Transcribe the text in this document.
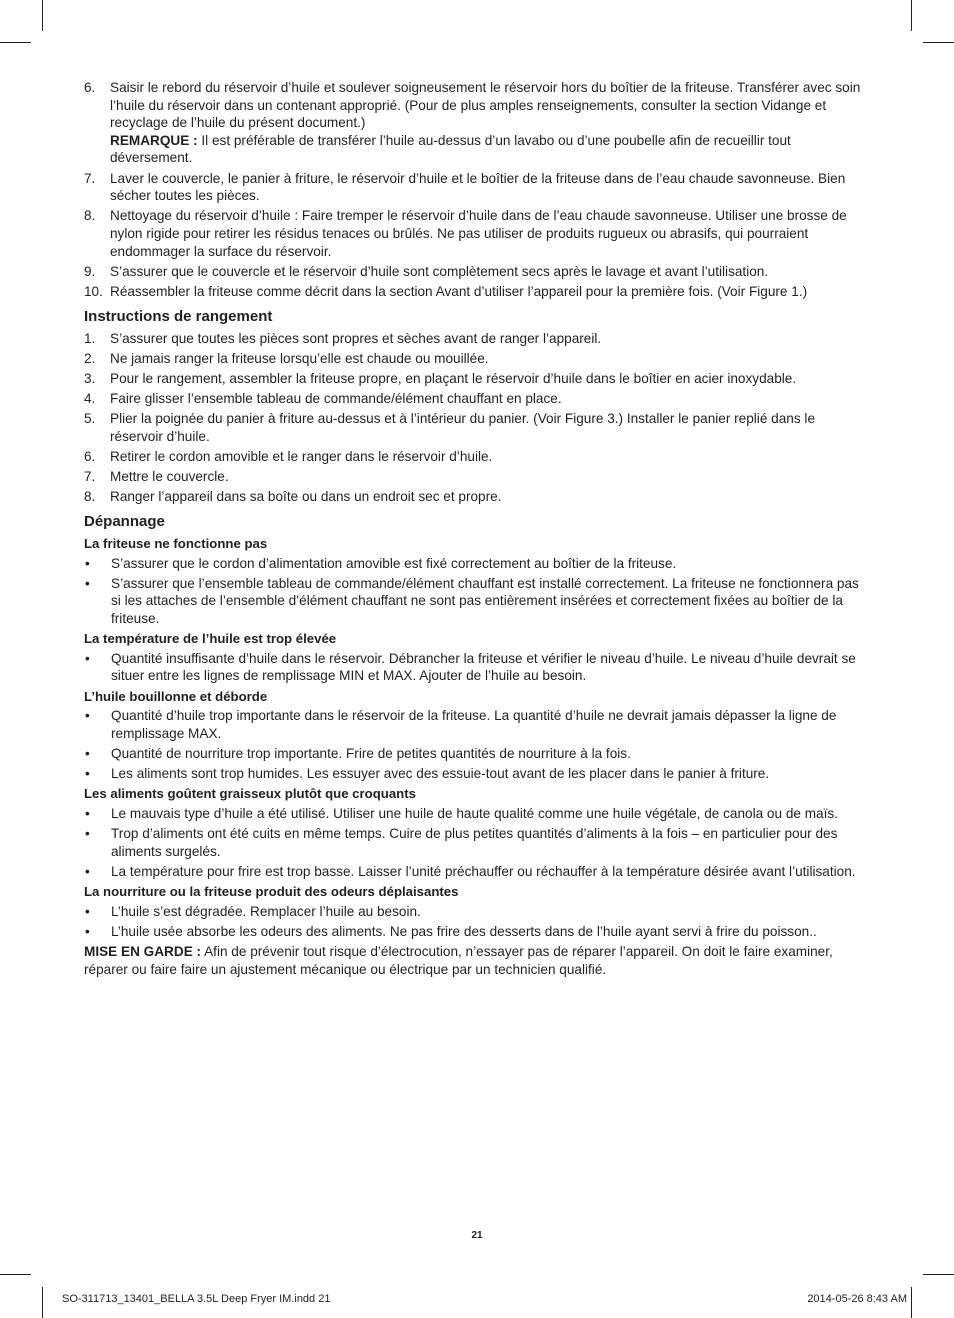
6.	Saisir le rebord du réservoir d’huile et soulever soigneusement le réservoir hors du boîtier de la friteuse. Transférer avec soin l’huile du réservoir dans un contenant approprié. (Pour de plus amples renseignements, consulter la section Vidange et recyclage de l’huile du présent document.)
REMARQUE : Il est préférable de transférer l’huile au-dessus d’un lavabo ou d’une poubelle afin de recueillir tout déversement.
7.	Laver le couvercle, le panier à friture, le réservoir d’huile et le boîtier de la friteuse dans de l’eau chaude savonneuse. Bien sécher toutes les pièces.
8.	Nettoyage du réservoir d’huile : Faire tremper le réservoir d’huile dans de l’eau chaude savonneuse. Utiliser une brosse de nylon rigide pour retirer les résidus tenaces ou brûlés. Ne pas utiliser de produits rugueux ou abrasifs, qui pourraient endommager la surface du réservoir.
9.	S’assurer que le couvercle et le réservoir d’huile sont complètement secs après le lavage et avant l’utilisation.
10. Réassembler la friteuse comme décrit dans la section Avant d’utiliser l’appareil pour la première fois. (Voir Figure 1.)
Instructions de rangement
1.	S’assurer que toutes les pièces sont propres et sèches avant de ranger l’appareil.
2.	Ne jamais ranger la friteuse lorsqu’elle est chaude ou mouillée.
3.	Pour le rangement, assembler la friteuse propre, en plaçant le réservoir d’huile dans le boîtier en acier inoxydable.
4.	Faire glisser l’ensemble tableau de commande/élément chauffant en place.
5.	Plier la poignée du panier à friture au-dessus et à l’intérieur du panier. (Voir Figure 3.) Installer le panier replié dans le réservoir d’huile.
6.	Retirer le cordon amovible et le ranger dans le réservoir d’huile.
7.	Mettre le couvercle.
8.	Ranger l’appareil dans sa boîte ou dans un endroit sec et propre.
Dépannage
La friteuse ne fonctionne pas
•	S’assurer que le cordon d’alimentation amovible est fixé correctement au boîtier de la friteuse.
•	S’assurer que l’ensemble tableau de commande/élément chauffant est installé correctement. La friteuse ne fonctionnera pas si les attaches de l’ensemble d’élément chauffant ne sont pas entièrement insérées et correctement fixées au boîtier de la friteuse.
La température de l’huile est trop élevée
•	Quantité insuffisante d’huile dans le réservoir. Débrancher la friteuse et vérifier le niveau d’huile. Le niveau d’huile devrait se situer entre les lignes de remplissage MIN et MAX. Ajouter de l’huile au besoin.
L’huile bouillonne et déborde
•	Quantité d’huile trop importante dans le réservoir de la friteuse. La quantité d’huile ne devrait jamais dépasser la ligne de remplissage MAX.
•	Quantité de nourriture trop importante. Frire de petites quantités de nourriture à la fois.
•	Les aliments sont trop humides. Les essuyer avec des essuie-tout avant de les placer dans le panier à friture.
Les aliments goûtent graisseux plutôt que croquants
•	Le mauvais type d’huile a été utilisé. Utiliser une huile de haute qualité comme une huile végétale, de canola ou de maïs.
•	Trop d’aliments ont été cuits en même temps. Cuire de plus petites quantités d’aliments à la fois – en particulier pour des aliments surgelés.
•	La température pour frire est trop basse. Laisser l’unité préchauffer ou réchauffer à la température désirée avant l’utilisation.
La nourriture ou la friteuse produit des odeurs déplaisantes
•	L’huile s’est dégradée. Remplacer l’huile au besoin.
•	L’huile usée absorbe les odeurs des aliments. Ne pas frire des desserts dans de l’huile ayant servi à frire du poisson..
MISE EN GARDE : Afin de prévenir tout risque d’électrocution, n’essayer pas de réparer l’appareil. On doit le faire examiner, réparer ou faire faire un ajustement mécanique ou électrique par un technicien qualifié.
21
SO-311713_13401_BELLA 3.5L Deep Fryer IM.indd 21	2014-05-26 8:43 AM
